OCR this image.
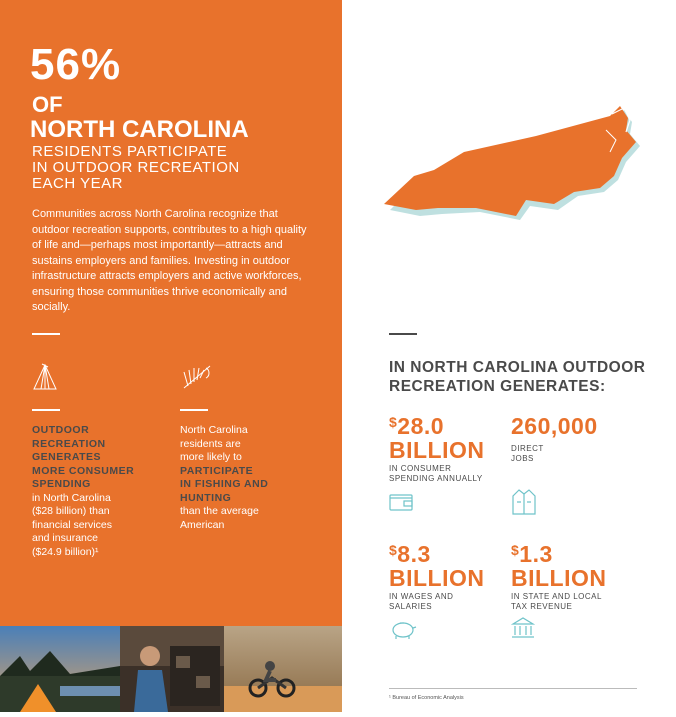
56%
OF
NORTH CAROLINA
RESIDENTS PARTICIPATE
IN OUTDOOR RECREATION
EACH YEAR
Communities across North Carolina recognize that outdoor recreation supports, contributes to a high quality of life and—perhaps most importantly—attracts and sustains employers and families. Investing in outdoor infrastructure attracts employers and active workforces, ensuring those communities thrive economically and socially.
OUTDOOR
RECREATION
GENERATES
MORE CONSUMER
SPENDING
in North Carolina
($28 billion) than
financial services
and insurance
($24.9 billion)¹
North Carolina
residents are
more likely to
PARTICIPATE
IN FISHING AND
HUNTING
than the average
American
IN NORTH CAROLINA OUTDOOR
RECREATION GENERATES:
$28.0
BILLION
IN CONSUMER
SPENDING ANNUALLY
260,000
DIRECT
JOBS
$8.3
BILLION
IN WAGES AND
SALARIES
$1.3
BILLION
IN STATE AND LOCAL
TAX REVENUE
¹ Bureau of Economic Analysis
